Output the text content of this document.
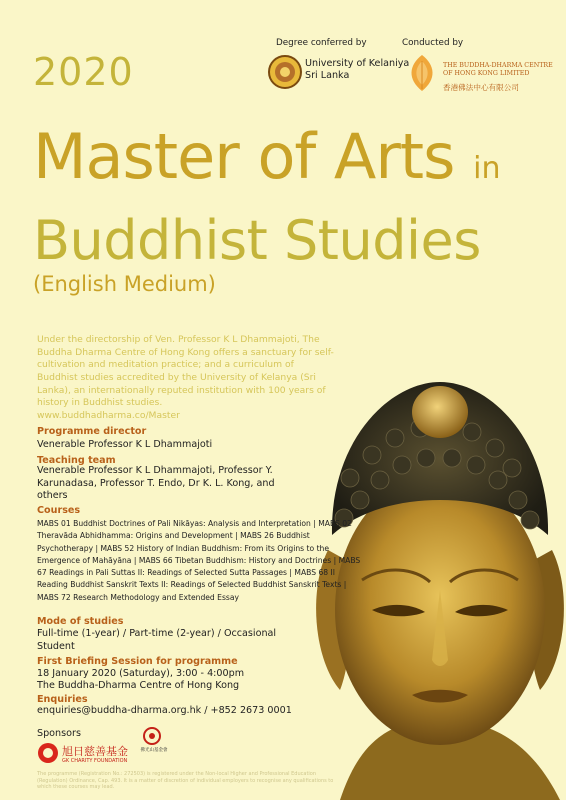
Degree conferred by	Conducted by
University of Kelaniya
Sri Lanka
THE BUDDHA-DHARMA CENTRE
OF HONG KONG LIMITED
香港佛法中心有限公司
2020
Master of Arts in
Buddhist Studies
(English Medium)
Under the directorship of Ven. Professor K L Dhammajoti, The Buddha Dharma Centre of Hong Kong offers a sanctuary for self-cultivation and meditation practice; and a curriculum of Buddhist studies accredited by the University of Kelanya (Sri Lanka), an internationally reputed institution with 100 years of history in Buddhist studies.
www.buddhadharma.co/Master
Programme director
Venerable Professor K L Dhammajoti
Teaching team
Venerable Professor K L Dhammajoti, Professor Y. Karunadasa, Professor T. Endo, Dr K. L. Kong, and others
Courses
MABS 01 Buddhist Doctrines of Pali Nikāyas: Analysis and Interpretation | MABS 02 Theravāda Abhidhamma: Origins and Development | MABS 26 Buddhist Psychotherapy | MABS 52 History of Indian Buddhism: From its Origins to the Emergence of Mahāyāna | MABS 66 Tibetan Buddhism: History and Doctrines | MABS 67 Readings in Pali Suttas II: Readings of Selected Sutta Passages | MABS 68 II Reading Buddhist Sanskrit Texts II: Readings of Selected Buddhist Sanskrit Texts | MABS 72 Research Methodology and Extended Essay
Mode of studies
Full-time (1-year) / Part-time (2-year) / Occasional Student
First Briefing Session for programme
18 January 2020 (Saturday), 3:00 - 4:00pm
The Buddha-Dharma Centre of Hong Kong
Enquiries
enquiries@buddha-dharma.org.hk / +852 2673 0001
Sponsors
旭日慈善基金
GK CHARITY FOUNDATION
佛光山基金會
The programme (Registration No.: 272503) is registered under the Non-local Higher and Professional Education (Regulation) Ordinance, Cap. 493. It is a matter of discretion of individual employers to recognise any qualifications to which these courses may lead.
